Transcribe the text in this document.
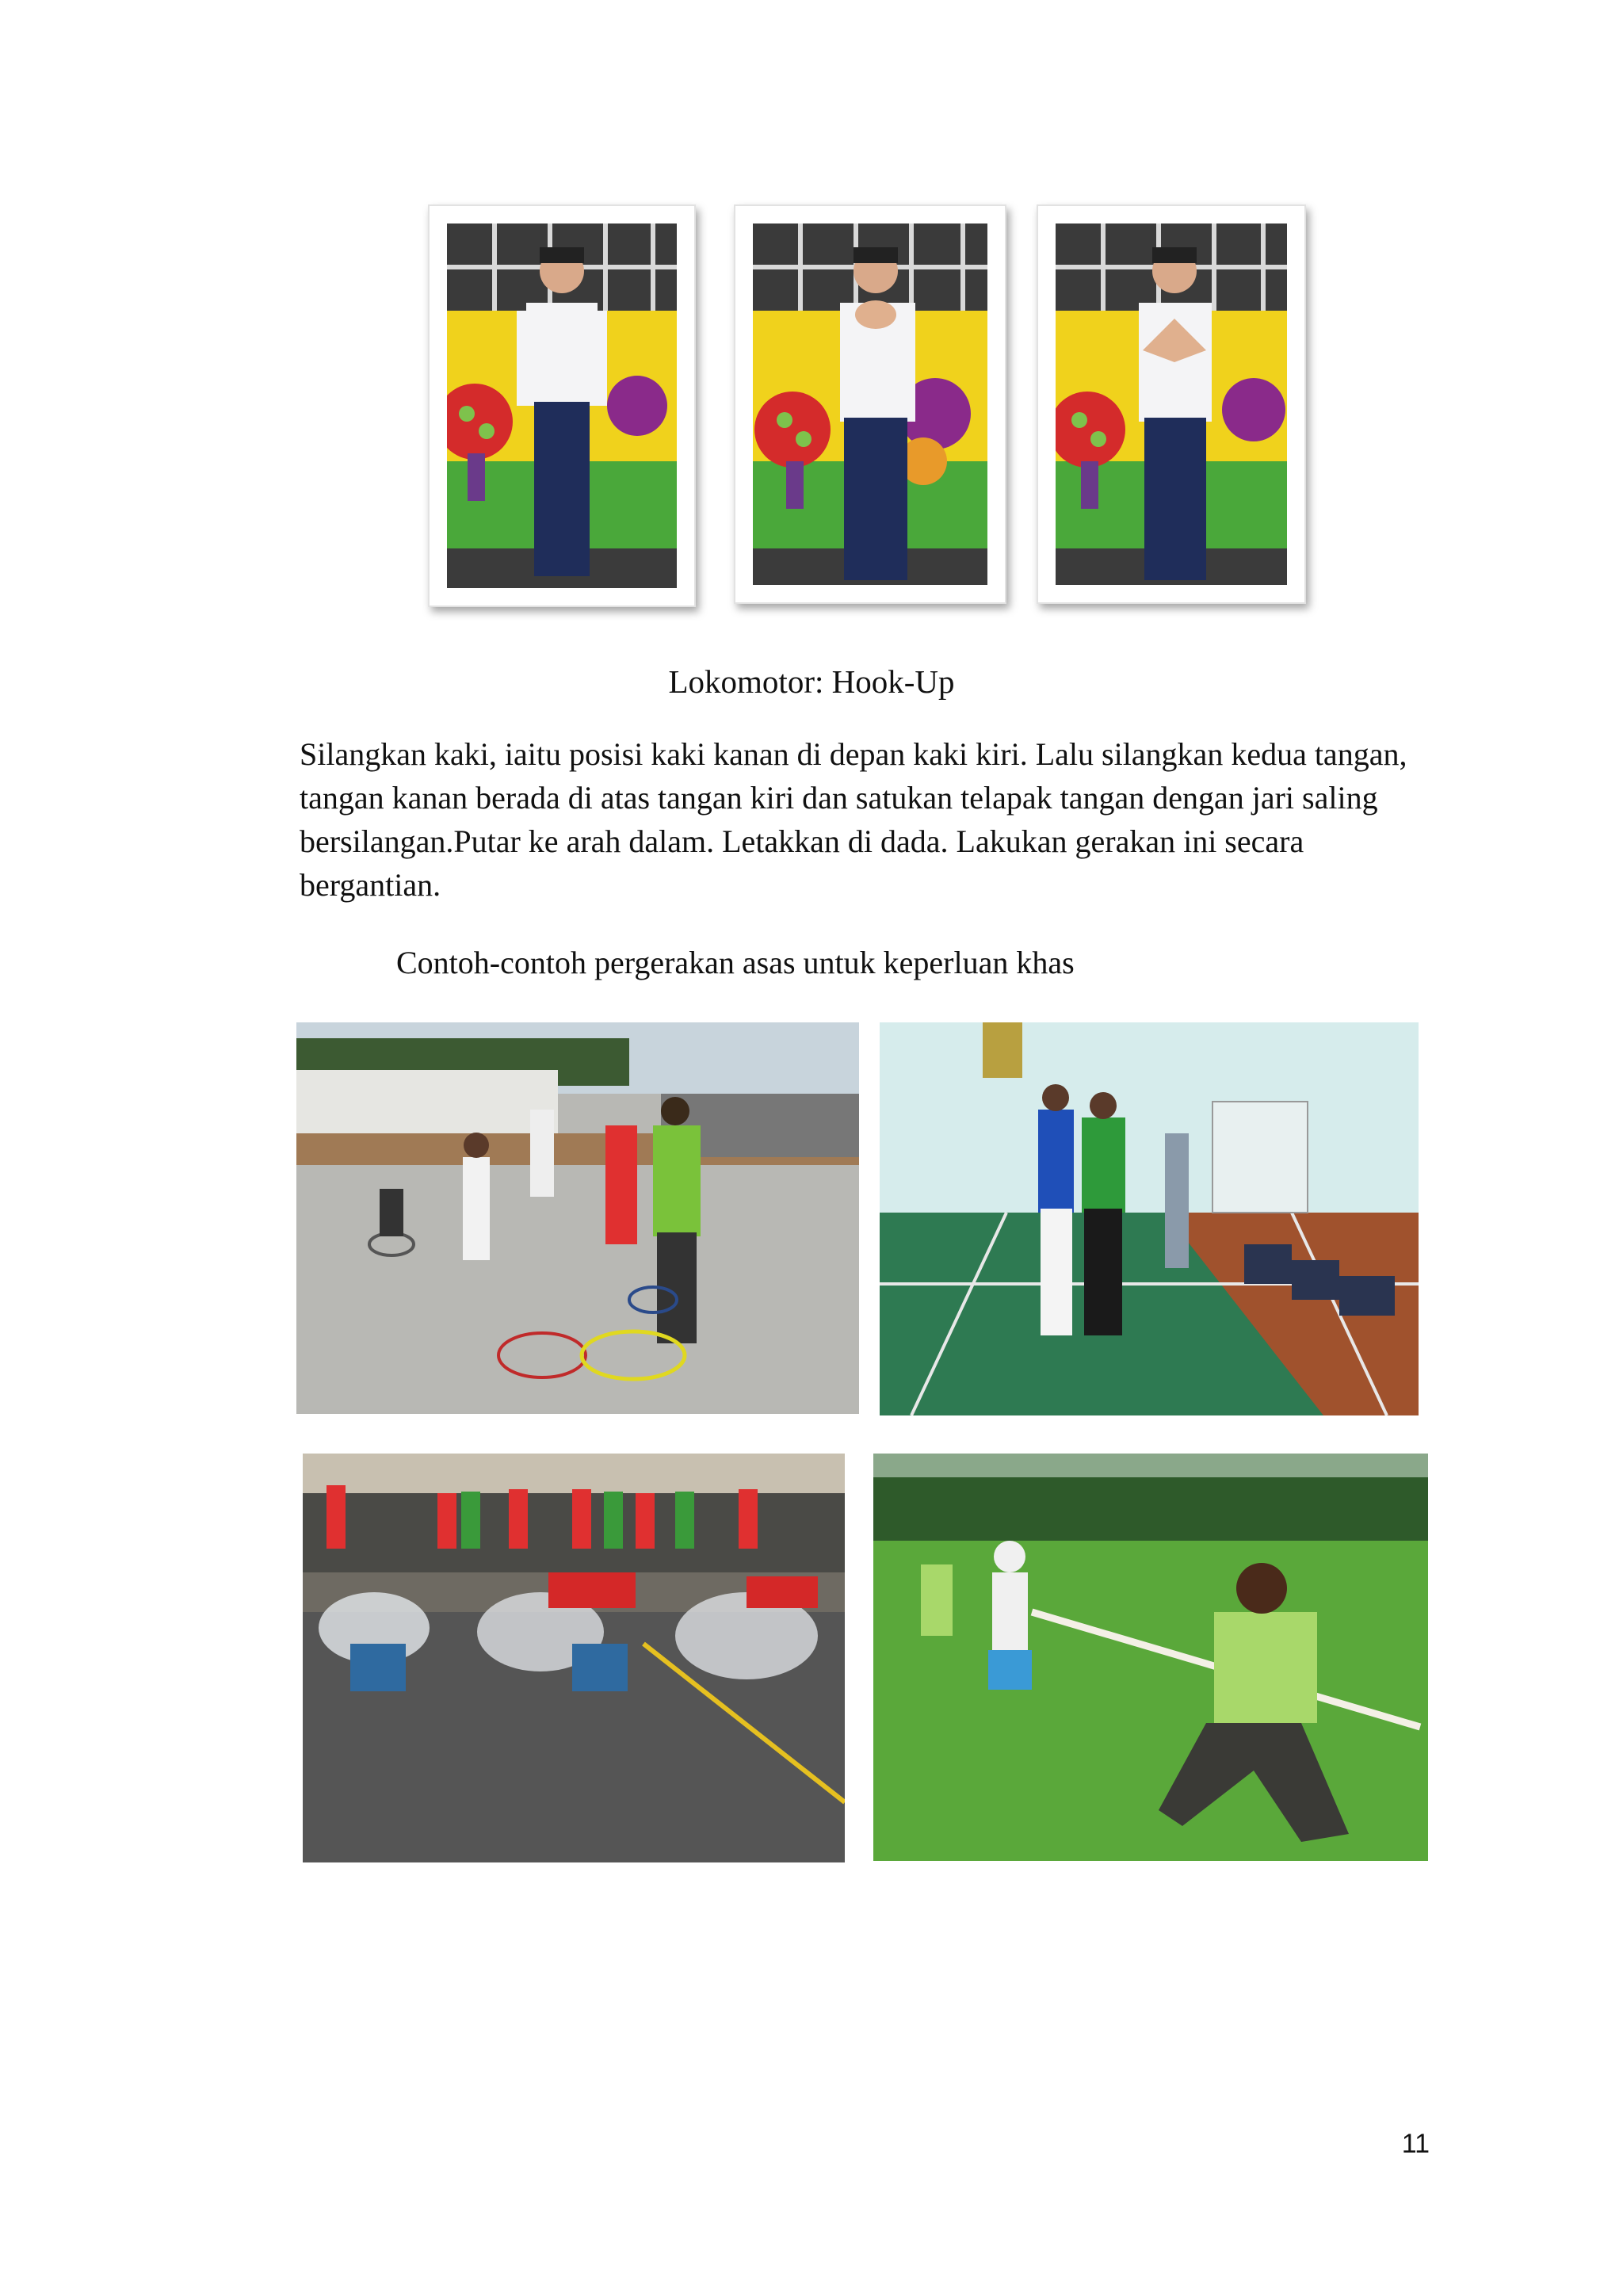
Lokomotor: Hook-Up

Silangkan kaki, iaitu posisi kaki kanan di depan kaki kiri. Lalu silangkan kedua tangan, tangan kanan berada di atas tangan kiri dan satukan telapak tangan dengan jari saling bersilangan.Putar ke arah dalam. Letakkan di dada. Lakukan gerakan ini secara bergantian.

Contoh-contoh pergerakan asas untuk keperluan khas
11
